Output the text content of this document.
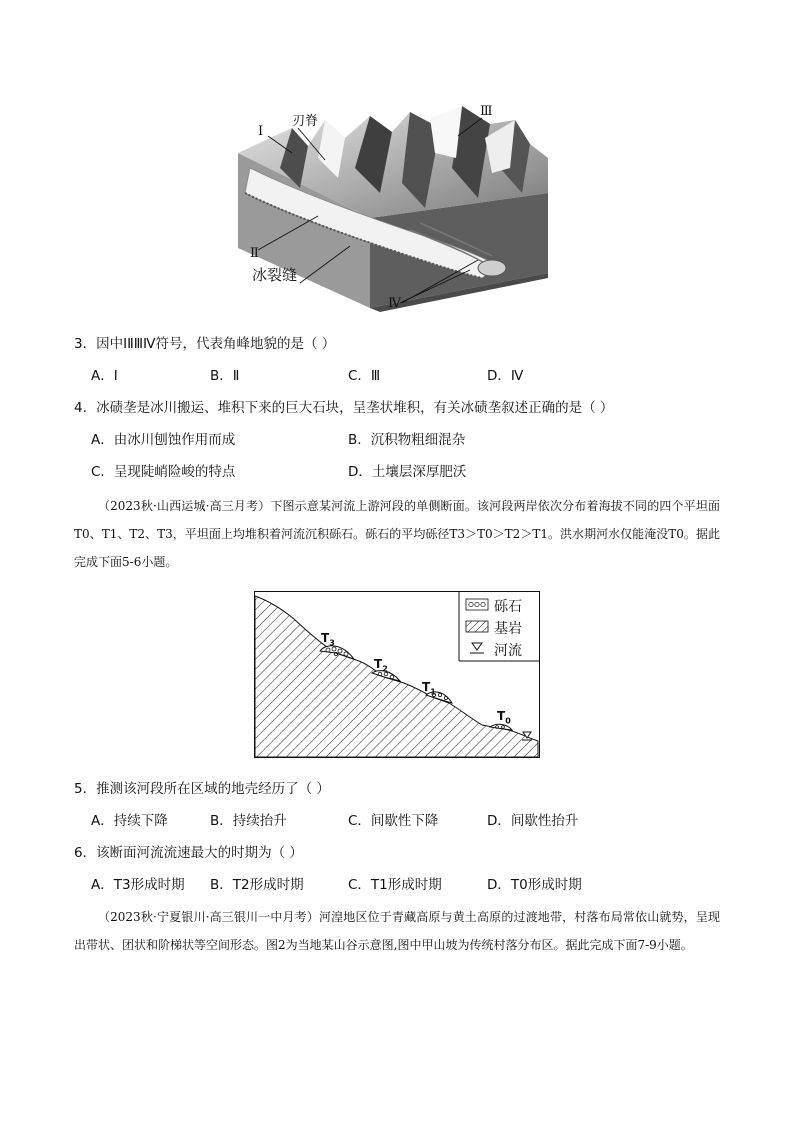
刃脊
Ⅰ
Ⅲ
Ⅱ
冰裂缝
Ⅳ
3．因中ⅠⅡⅢⅣ符号，代表角峰地貌的是（ ）
A．Ⅰ	B．Ⅱ	C．Ⅲ	D．Ⅳ
4．冰碛垄是冰川搬运、堆积下来的巨大石块，呈垄状堆积，有关冰碛垄叙述正确的是（ ）
A．由冰川刨蚀作用而成	B．沉积物粗细混杂
C．呈现陡峭险峻的特点	D．土壤层深厚肥沃
（2023秋·山西运城·高三月考）下图示意某河流上游河段的单侧断面。该河段两岸依次分布着海拔不同的四个平坦面T0、T1、T2、T3，平坦面上均堆积着河流沉积砾石。砾石的平均砾径T3＞T0＞T2＞T1。洪水期河水仅能淹没T0。据此完成下面5-6小题。
砾石
基岩
河流
$T_3$
$T_2$
$T_1$
$T_0$
5．推测该河段所在区域的地壳经历了（ ）
A．持续下降	B．持续抬升	C．间歇性下降	D．间歇性抬升
6．该断面河流流速最大的时期为（ ）
A．T3形成时期 B．T2形成时期	C．T1形成时期	D．T0形成时期
（2023秋·宁夏银川·高三银川一中月考）河湟地区位于青藏高原与黄土高原的过渡地带，村落布局常依山就势，呈现出带状、团状和阶梯状等空间形态。图2为当地某山谷示意图,图中甲山坡为传统村落分布区。据此完成下面7-9小题。
